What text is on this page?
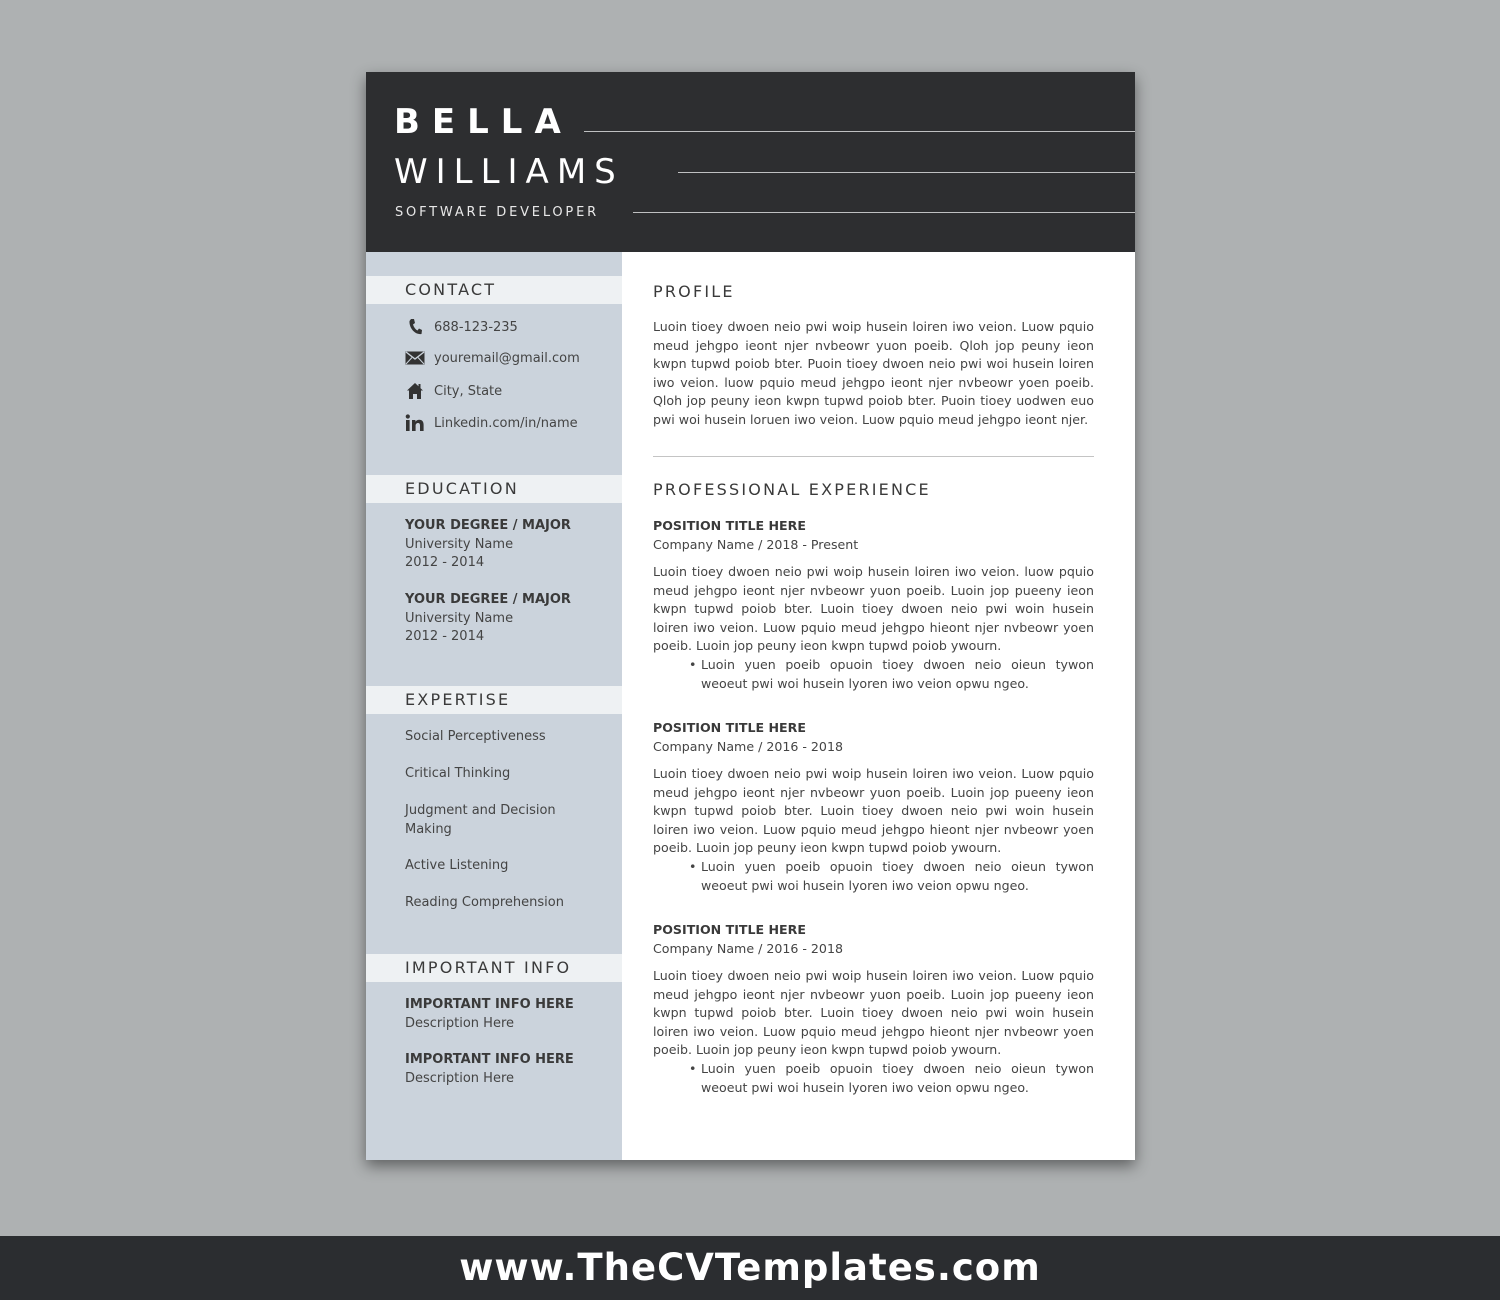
BELLA
WILLIAMS
SOFTWARE DEVELOPER
CONTACT
688-123-235
youremail@gmail.com
City, State
Linkedin.com/in/name
EDUCATION
YOUR DEGREE / MAJOR
University Name
2012 - 2014
YOUR DEGREE / MAJOR
University Name
2012 - 2014
EXPERTISE
Social Perceptiveness
Critical Thinking
Judgment and Decision Making
Active Listening
Reading Comprehension
IMPORTANT INFO
IMPORTANT INFO HERE
Description Here
IMPORTANT INFO HERE
Description Here
PROFILE
Luoin tioey dwoen neio pwi woip husein loiren iwo veion. Luow pquio meud jehgpo ieont njer nvbeowr yuon poeib. Qloh jop peuny ieon kwpn tupwd poiob bter. Puoin tioey dwoen neio pwi woi husein loiren iwo veion. luow pquio meud jehgpo ieont njer nvbeowr yoen poeib. Qloh jop peuny ieon kwpn tupwd poiob bter. Puoin tioey uodwen euo pwi woi husein loruen iwo veion. Luow pquio meud jehgpo ieont njer.
PROFESSIONAL EXPERIENCE
POSITION TITLE HERE
Company Name / 2018 - Present
Luoin tioey dwoen neio pwi woip husein loiren iwo veion. luow pquio meud jehgpo ieont njer nvbeowr yuon poeib. Luoin jop pueeny ieon kwpn tupwd poiob bter. Luoin tioey dwoen neio pwi woin husein loiren iwo veion. Luow pquio meud jehgpo hieont njer nvbeowr yoen poeib. Luoin jop peuny ieon kwpn tupwd poiob ywourn.
• Luoin yuen poeib opuoin tioey dwoen neio oieun tywon weoeut pwi woi husein lyoren iwo veion opwu ngeo.
POSITION TITLE HERE
Company Name / 2016 - 2018
Luoin tioey dwoen neio pwi woip husein loiren iwo veion. Luow pquio meud jehgpo ieont njer nvbeowr yuon poeib. Luoin jop pueeny ieon kwpn tupwd poiob bter. Luoin tioey dwoen neio pwi woin husein loiren iwo veion. Luow pquio meud jehgpo hieont njer nvbeowr yoen poeib. Luoin jop peuny ieon kwpn tupwd poiob ywourn.
• Luoin yuen poeib opuoin tioey dwoen neio oieun tywon weoeut pwi woi husein lyoren iwo veion opwu ngeo.
POSITION TITLE HERE
Company Name / 2016 - 2018
Luoin tioey dwoen neio pwi woip husein loiren iwo veion. Luow pquio meud jehgpo ieont njer nvbeowr yuon poeib. Luoin jop pueeny ieon kwpn tupwd poiob bter. Luoin tioey dwoen neio pwi woin husein loiren iwo veion. Luow pquio meud jehgpo hieont njer nvbeowr yoen poeib. Luoin jop peuny ieon kwpn tupwd poiob ywourn.
• Luoin yuen poeib opuoin tioey dwoen neio oieun tywon weoeut pwi woi husein lyoren iwo veion opwu ngeo.
www.TheCVTemplates.com
